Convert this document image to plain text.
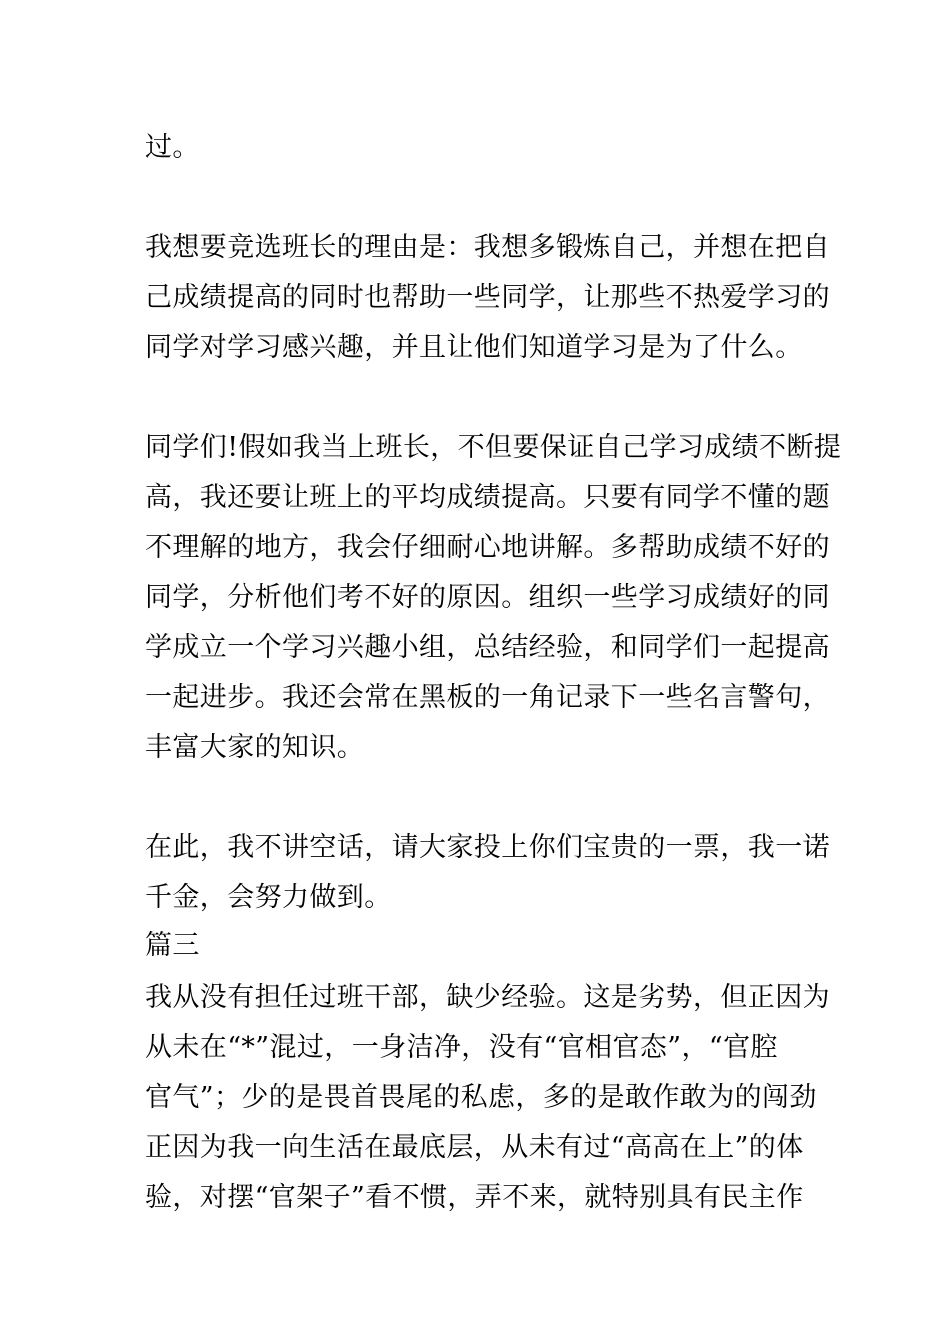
过。
我想要竞选班长的理由是：我想多锻炼自己，并想在把自
己成绩提高的同时也帮助一些同学，让那些不热爱学习的
同学对学习感兴趣，并且让他们知道学习是为了什么。
同学们!假如我当上班长，不但要保证自己学习成绩不断提
高，我还要让班上的平均成绩提高。只要有同学不懂的题
不理解的地方，我会仔细耐心地讲解。多帮助成绩不好的
同学，分析他们考不好的原因。组织一些学习成绩好的同
学成立一个学习兴趣小组，总结经验，和同学们一起提高
一起进步。我还会常在黑板的一角记录下一些名言警句，
丰富大家的知识。
在此，我不讲空话，请大家投上你们宝贵的一票，我一诺
千金，会努力做到。
篇三
我从没有担任过班干部，缺少经验。这是劣势，但正因为
从未在“*”混过，一身洁净，没有“官相官态”，“官腔
官气”；少的是畏首畏尾的私虑，多的是敢作敢为的闯劲
正因为我一向生活在最底层，从未有过“高高在上”的体
验，对摆“官架子”看不惯，弄不来，就特别具有民主作
